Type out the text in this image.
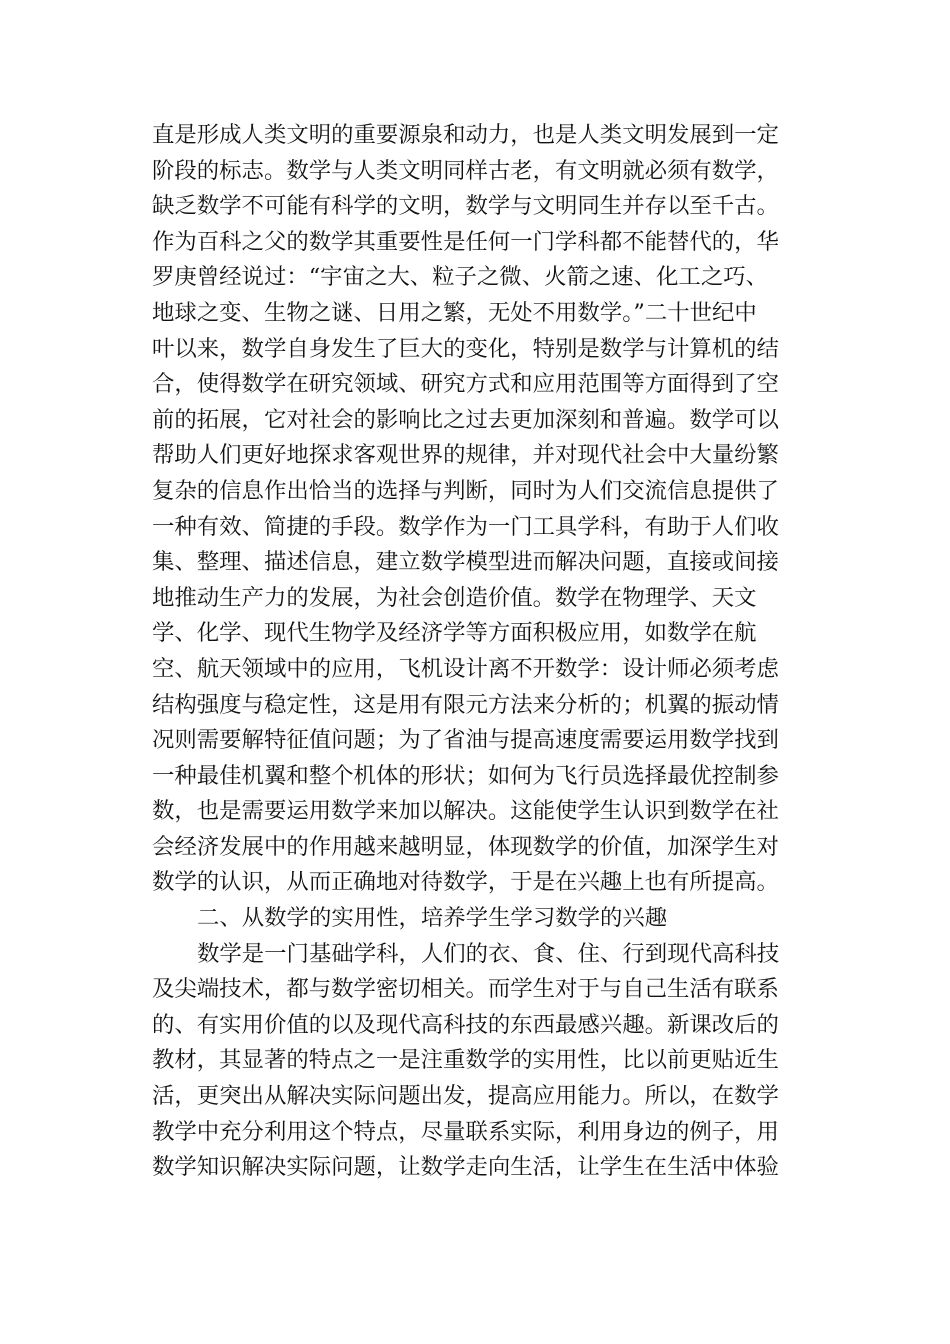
直是形成人类文明的重要源泉和动力，也是人类文明发展到一定
阶段的标志。数学与人类文明同样古老，有文明就必须有数学，
缺乏数学不可能有科学的文明，数学与文明同生并存以至千古。
作为百科之父的数学其重要性是任何一门学科都不能替代的，华
罗庚曾经说过：“宇宙之大、粒子之微、火箭之速、化工之巧、
地球之变、生物之谜、日用之繁，无处不用数学。”二十世纪中
叶以来，数学自身发生了巨大的变化，特别是数学与计算机的结
合，使得数学在研究领域、研究方式和应用范围等方面得到了空
前的拓展，它对社会的影响比之过去更加深刻和普遍。数学可以
帮助人们更好地探求客观世界的规律，并对现代社会中大量纷繁
复杂的信息作出恰当的选择与判断，同时为人们交流信息提供了
一种有效、简捷的手段。数学作为一门工具学科，有助于人们收
集、整理、描述信息，建立数学模型进而解决问题，直接或间接
地推动生产力的发展，为社会创造价值。数学在物理学、天文
学、化学、现代生物学及经济学等方面积极应用，如数学在航
空、航天领域中的应用，飞机设计离不开数学：设计师必须考虑
结构强度与稳定性，这是用有限元方法来分析的；机翼的振动情
况则需要解特征值问题；为了省油与提高速度需要运用数学找到
一种最佳机翼和整个机体的形状；如何为飞行员选择最优控制参
数，也是需要运用数学来加以解决。这能使学生认识到数学在社
会经济发展中的作用越来越明显，体现数学的价值，加深学生对
数学的认识，从而正确地对待数学，于是在兴趣上也有所提高。
二、从数学的实用性，培养学生学习数学的兴趣
数学是一门基础学科，人们的衣、食、住、行到现代高科技
及尖端技术，都与数学密切相关。而学生对于与自己生活有联系
的、有实用价值的以及现代高科技的东西最感兴趣。新课改后的
教材，其显著的特点之一是注重数学的实用性，比以前更贴近生
活，更突出从解决实际问题出发，提高应用能力。所以，在数学
教学中充分利用这个特点，尽量联系实际，利用身边的例子，用
数学知识解决实际问题，让数学走向生活，让学生在生活中体验
